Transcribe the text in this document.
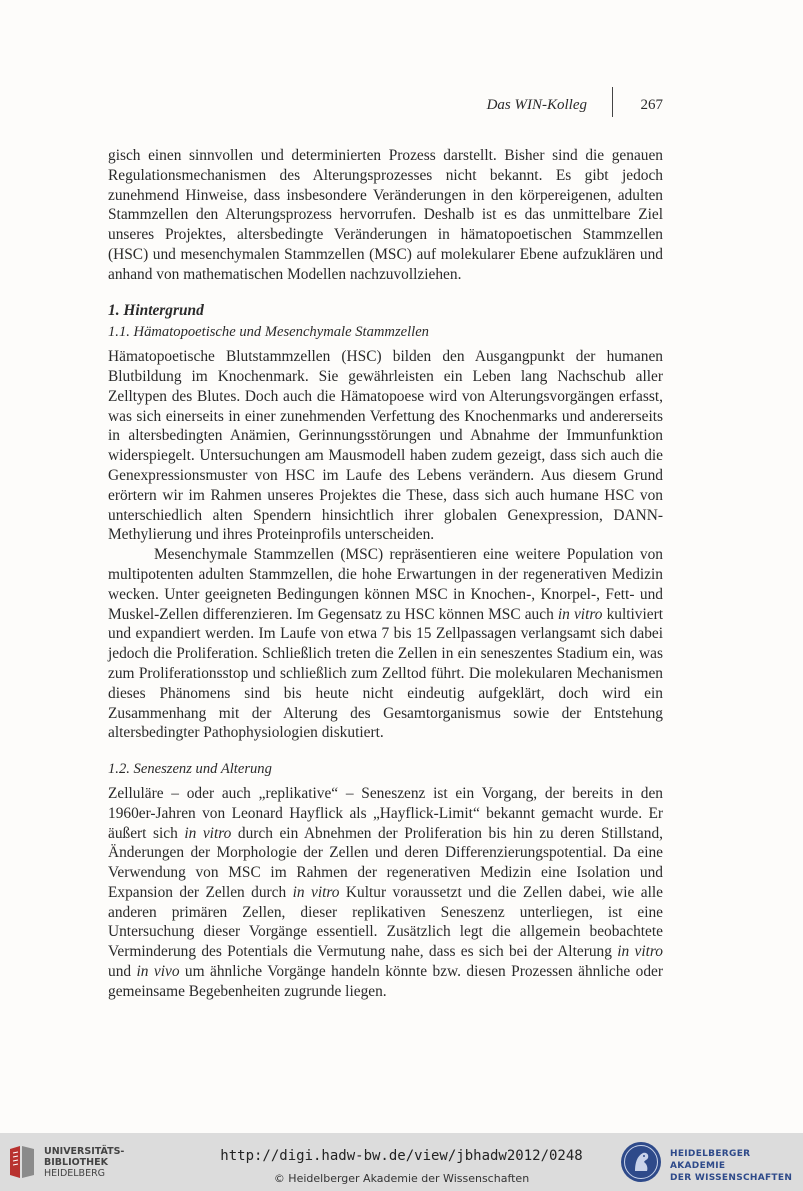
Das WIN-Kolleg	267

gisch einen sinnvollen und determinierten Prozess darstellt. Bisher sind die genauen Regulationsmechanismen des Alterungsprozesses nicht bekannt. Es gibt jedoch zunehmend Hinweise, dass insbesondere Veränderungen in den körpereigenen, adulten Stammzellen den Alterungsprozess hervorrufen. Deshalb ist es das unmittelbare Ziel unseres Projektes, altersbedingte Veränderungen in hämatopoetischen Stammzellen (HSC) und mesenchymalen Stammzellen (MSC) auf molekularer Ebene aufzuklären und anhand von mathematischen Modellen nachzuvollziehen.

1. Hintergrund
1.1. Hämatopoetische und Mesenchymale Stammzellen

Hämatopoetische Blutstammzellen (HSC) bilden den Ausgangpunkt der humanen Blutbildung im Knochenmark. Sie gewährleisten ein Leben lang Nachschub aller Zelltypen des Blutes. Doch auch die Hämatopoese wird von Alterungsvorgängen erfasst, was sich einerseits in einer zunehmenden Verfettung des Knochenmarks und andererseits in altersbedingten Anämien, Gerinnungsstörungen und Abnahme der Immunfunktion widerspiegelt. Untersuchungen am Mausmodell haben zudem gezeigt, dass sich auch die Genexpressionsmuster von HSC im Laufe des Lebens verändern. Aus diesem Grund erörtern wir im Rahmen unseres Projektes die These, dass sich auch humane HSC von unterschiedlich alten Spendern hinsichtlich ihrer globalen Genexpression, DANN-Methylierung und ihres Proteinprofils unterscheiden.

Mesenchymale Stammzellen (MSC) repräsentieren eine weitere Population von multipotenten adulten Stammzellen, die hohe Erwartungen in der regenerativen Medizin wecken. Unter geeigneten Bedingungen können MSC in Knochen-, Knorpel-, Fett- und Muskel-Zellen differenzieren. Im Gegensatz zu HSC können MSC auch in vitro kultiviert und expandiert werden. Im Laufe von etwa 7 bis 15 Zellpassagen verlangsamt sich dabei jedoch die Proliferation. Schließlich treten die Zellen in ein seneszentes Stadium ein, was zum Proliferationsstop und schließlich zum Zelltod führt. Die molekularen Mechanismen dieses Phänomens sind bis heute nicht eindeutig aufgeklärt, doch wird ein Zusammenhang mit der Alterung des Gesamtorganismus sowie der Entstehung altersbedingter Pathophysiologien diskutiert.

1.2. Seneszenz und Alterung

Zelluläre – oder auch „replikative“ – Seneszenz ist ein Vorgang, der bereits in den 1960er-Jahren von Leonard Hayflick als „Hayflick-Limit“ bekannt gemacht wurde. Er äußert sich in vitro durch ein Abnehmen der Proliferation bis hin zu deren Stillstand, Änderungen der Morphologie der Zellen und deren Differenzierungspotential. Da eine Verwendung von MSC im Rahmen der regenerativen Medizin eine Isolation und Expansion der Zellen durch in vitro Kultur voraussetzt und die Zellen dabei, wie alle anderen primären Zellen, dieser replikativen Seneszenz unterliegen, ist eine Untersuchung dieser Vorgänge essentiell. Zusätzlich legt die allgemein beobachtete Verminderung des Potentials die Vermutung nahe, dass es sich bei der Alterung in vitro und in vivo um ähnliche Vorgänge handeln könnte bzw. diesen Prozessen ähnliche oder gemeinsame Begebenheiten zugrunde liegen.

UNIVERSITÄTS-
BIBLIOTHEK
HEIDELBERG
http://digi.hadw-bw.de/view/jbhadw2012/0248
© Heidelberger Akademie der Wissenschaften
HEIDELBERGER AKADEMIE
DER WISSENSCHAFTEN
